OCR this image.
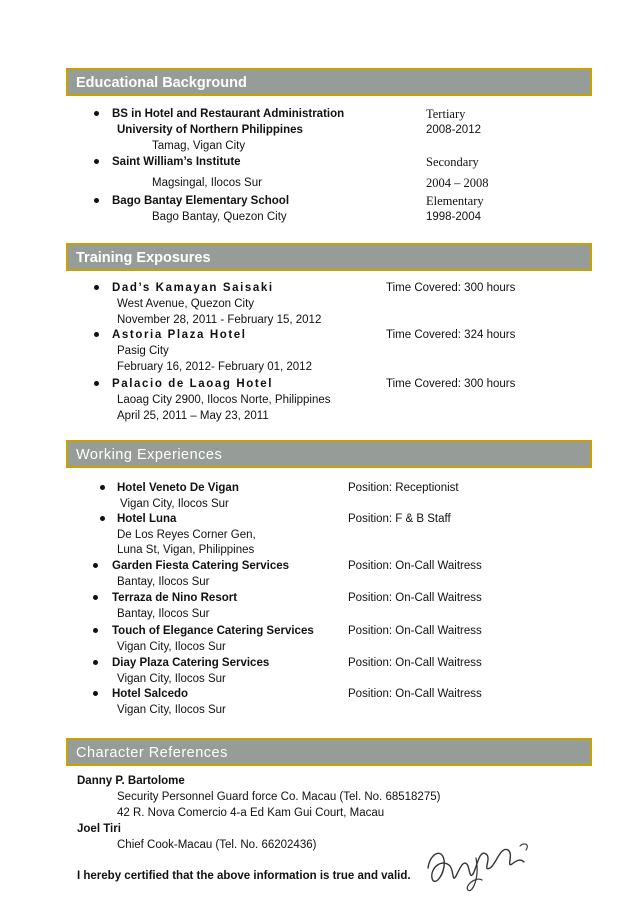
Educational Background
BS in Hotel and Restaurant Administration
University of Northern Philippines
Tamag, Vigan City
Tertiary
2008-2012
Saint William’s Institute
Magsingal, Ilocos Sur
Secondary
2004 – 2008
Bago Bantay Elementary School
Bago Bantay, Quezon City
Elementary
1998-2004
Training Exposures
Dad’s Kamayan Saisaki
West Avenue, Quezon City
November 28, 2011 - February 15, 2012
Time Covered: 300 hours
Astoria Plaza Hotel
Pasig City
February 16, 2012- February 01, 2012
Time Covered: 324 hours
Palacio de Laoag Hotel
Laoag City 2900, Ilocos Norte, Philippines
April 25, 2011 – May 23, 2011
Time Covered: 300 hours
Working Experiences
Hotel Veneto De Vigan
Vigan City, Ilocos Sur
Position: Receptionist
Hotel Luna
De Los Reyes Corner Gen,
Luna St, Vigan, Philippines
Position: F & B Staff
Garden Fiesta Catering Services
Bantay, Ilocos Sur
Position: On-Call Waitress
Terraza de Nino Resort
Bantay, Ilocos Sur
Position: On-Call Waitress
Touch of Elegance Catering Services
Vigan City, Ilocos Sur
Position: On-Call Waitress
Diay Plaza Catering Services
Vigan City, Ilocos Sur
Position: On-Call Waitress
Hotel Salcedo
Vigan City, Ilocos Sur
Position: On-Call Waitress
Character References
Danny P. Bartolome
Security Personnel Guard force Co. Macau (Tel. No. 68518275)
42 R. Nova Comercio 4-a Ed Kam Gui Court, Macau
Joel Tiri
Chief Cook-Macau (Tel. No. 66202436)
I hereby certified that the above information is true and valid.
